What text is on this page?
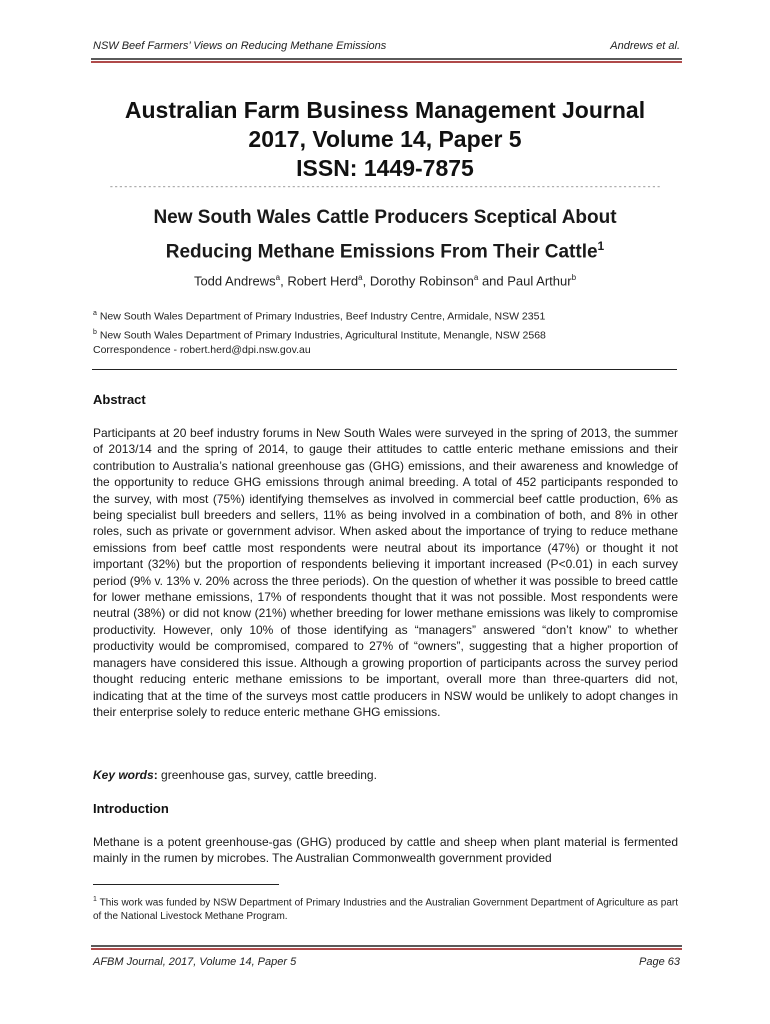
NSW Beef Farmers’ Views on Reducing Methane Emissions	Andrews et al.
Australian Farm Business Management Journal
2017, Volume 14, Paper 5
ISSN: 1449-7875
-------------------------------------------------------------------------------------------------------------------
New South Wales Cattle Producers Sceptical About
Reducing Methane Emissions From Their Cattle$^1$
Todd Andrews$^a$, Robert Herd$^a$, Dorothy Robinson$^a$ and Paul Arthur$^b$
$^a$ New South Wales Department of Primary Industries, Beef Industry Centre, Armidale, NSW 2351
$^b$ New South Wales Department of Primary Industries, Agricultural Institute, Menangle, NSW 2568
Correspondence - robert.herd@dpi.nsw.gov.au
Abstract
Participants at 20 beef industry forums in New South Wales were surveyed in the spring of 2013, the summer of 2013/14 and the spring of 2014, to gauge their attitudes to cattle enteric methane emissions and their contribution to Australia’s national greenhouse gas (GHG) emissions, and their awareness and knowledge of the opportunity to reduce GHG emissions through animal breeding. A total of 452 participants responded to the survey, with most (75%) identifying themselves as involved in commercial beef cattle production, 6% as being specialist bull breeders and sellers, 11% as being involved in a combination of both, and 8% in other roles, such as private or government advisor. When asked about the importance of trying to reduce methane emissions from beef cattle most respondents were neutral about its importance (47%) or thought it not important (32%) but the proportion of respondents believing it important increased (P<0.01) in each survey period (9% v. 13% v. 20% across the three periods). On the question of whether it was possible to breed cattle for lower methane emissions, 17% of respondents thought that it was not possible. Most respondents were neutral (38%) or did not know (21%) whether breeding for lower methane emissions was likely to compromise productivity. However, only 10% of those identifying as “managers” answered “don’t know” to whether productivity would be compromised, compared to 27% of “owners”, suggesting that a higher proportion of managers have considered this issue. Although a growing proportion of participants across the survey period thought reducing enteric methane emissions to be important, overall more than three-quarters did not, indicating that at the time of the surveys most cattle producers in NSW would be unlikely to adopt changes in their enterprise solely to reduce enteric methane GHG emissions.
Key words: greenhouse gas, survey, cattle breeding.
Introduction
Methane is a potent greenhouse-gas (GHG) produced by cattle and sheep when plant material is fermented mainly in the rumen by microbes. The Australian Commonwealth government provided
$^1$ This work was funded by NSW Department of Primary Industries and the Australian Government Department of Agriculture as part of the National Livestock Methane Program.
AFBM Journal, 2017, Volume 14, Paper 5	Page 63
